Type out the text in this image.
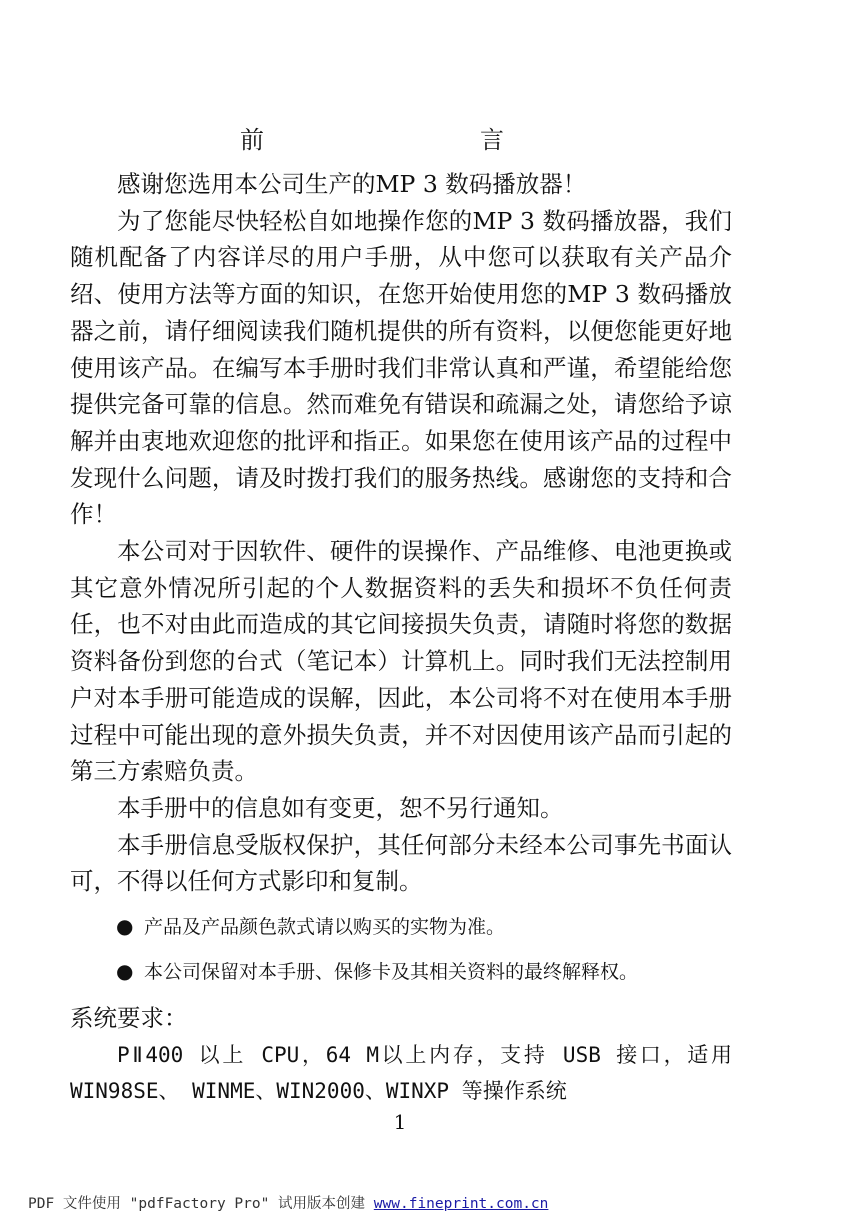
前　　言

感谢您选用本公司生产的MP 3 数码播放器！

为了您能尽快轻松自如地操作您的MP 3 数码播放器，我们随机配备了内容详尽的用户手册，从中您可以获取有关产品介绍、使用方法等方面的知识，在您开始使用您的MP 3 数码播放器之前，请仔细阅读我们随机提供的所有资料，以便您能更好地使用该产品。在编写本手册时我们非常认真和严谨，希望能给您提供完备可靠的信息。然而难免有错误和疏漏之处，请您给予谅解并由衷地欢迎您的批评和指正。如果您在使用该产品的过程中发现什么问题，请及时拨打我们的服务热线。感谢您的支持和合作！

本公司对于因软件、硬件的误操作、产品维修、电池更换或其它意外情况所引起的个人数据资料的丢失和损坏不负任何责任，也不对由此而造成的其它间接损失负责，请随时将您的数据资料备份到您的台式（笔记本）计算机上。同时我们无法控制用户对本手册可能造成的误解，因此，本公司将不对在使用本手册过程中可能出现的意外损失负责，并不对因使用该产品而引起的第三方索赔负责。

本手册中的信息如有变更，恕不另行通知。

本手册信息受版权保护，其任何部分未经本公司事先书面认可，不得以任何方式影印和复制。

● 产品及产品颜色款式请以购买的实物为准。
● 本公司保留对本手册、保修卡及其相关资料的最终解释权。

系统要求：

PⅡ400 以上 CPU，64 M以上内存，支持 USB 接口，适用 WIN98SE、 WINME、WIN2000、WINXP 等操作系统

1
PDF 文件使用 "pdfFactory Pro" 试用版本创建 www.fineprint.com.cn
